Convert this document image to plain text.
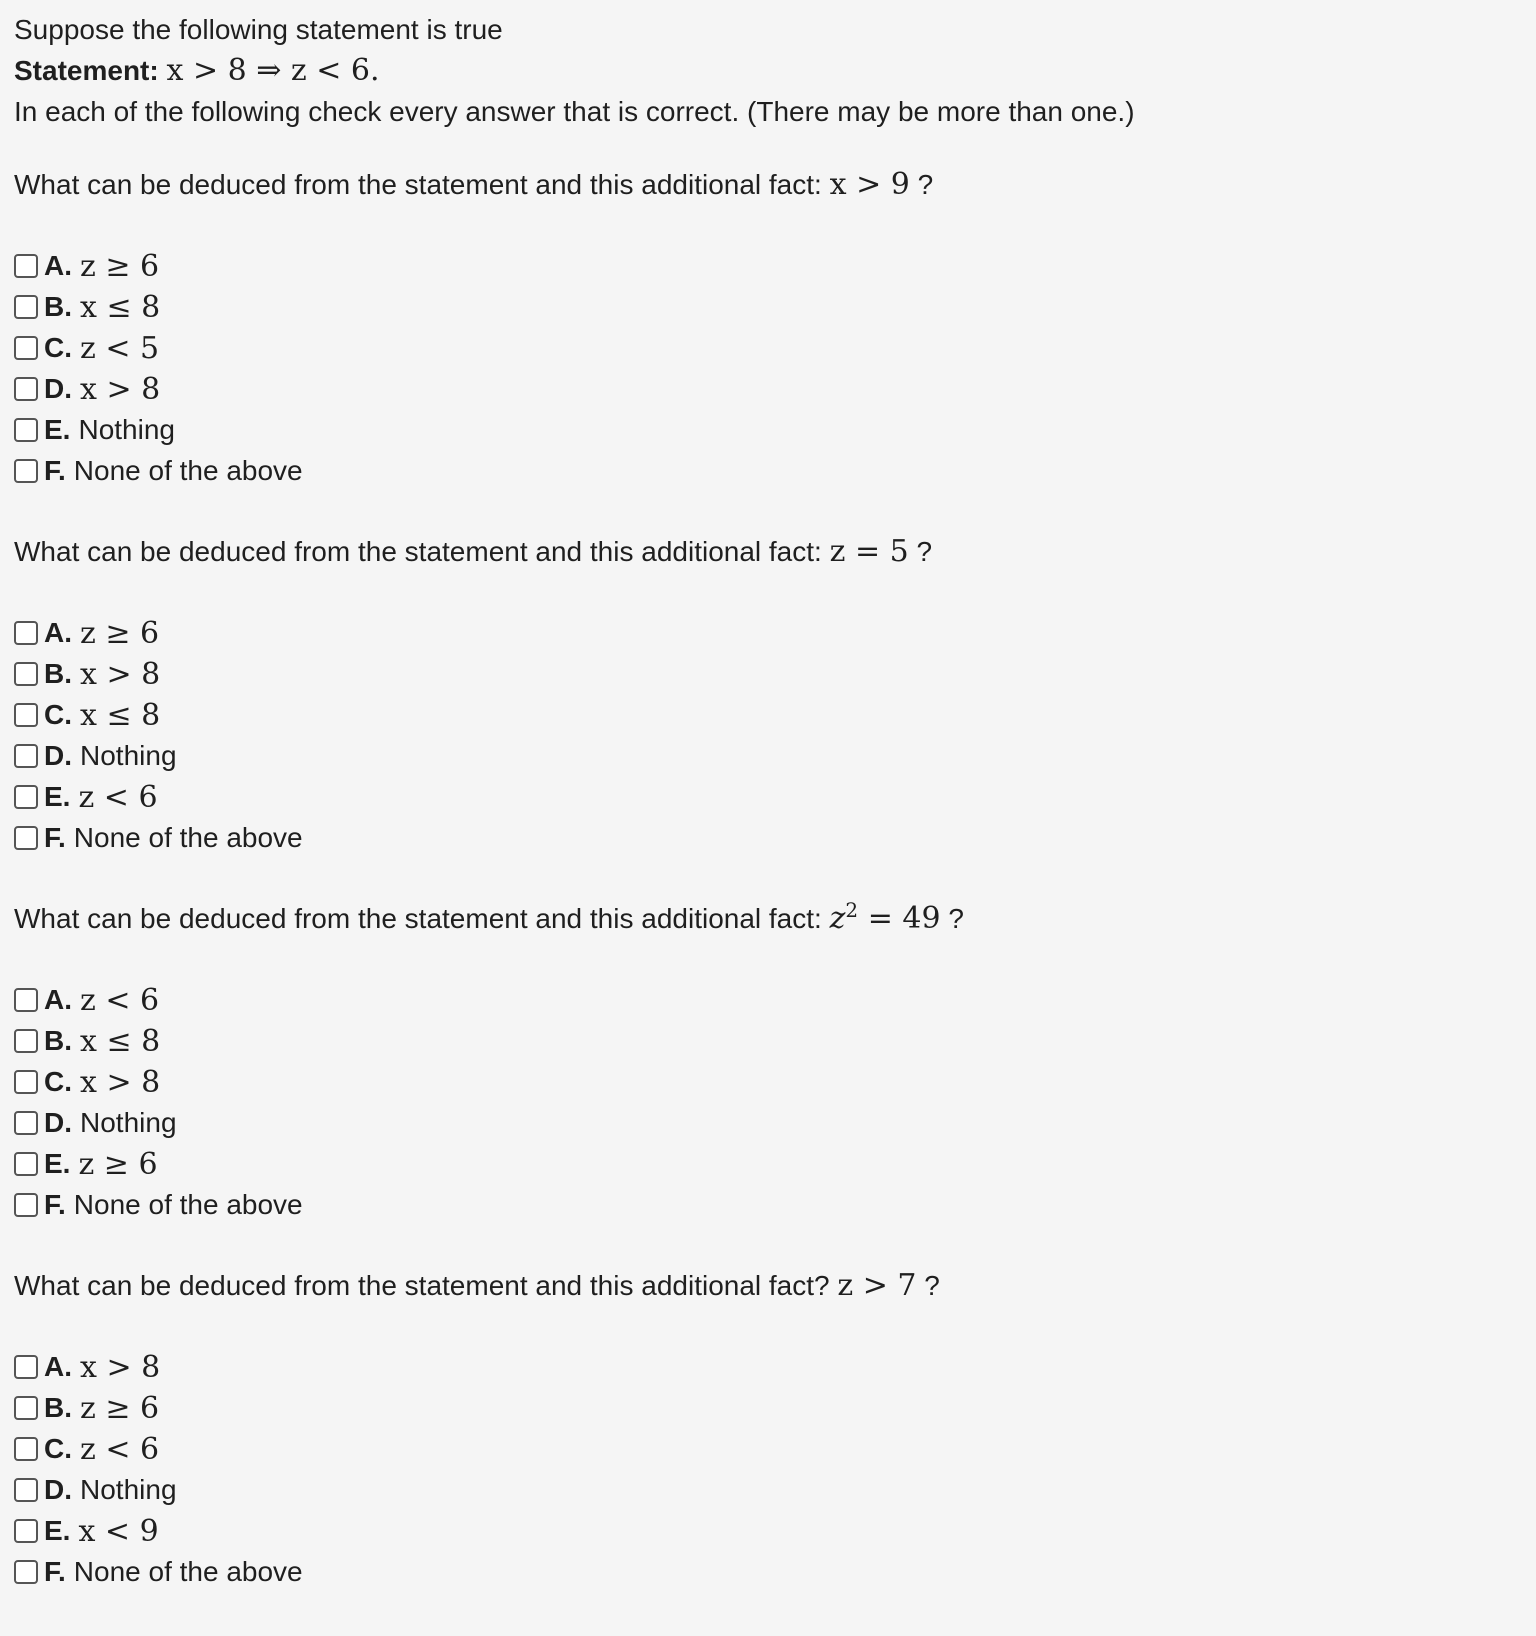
Suppose the following statement is true
Statement: x > 8 ⇒ z < 6.
In each of the following check every answer that is correct. (There may be more than one.)
What can be deduced from the statement and this additional fact: x > 9 ?
A. z ≥ 6
B. x ≤ 8
C. z < 5
D. x > 8
E. Nothing
F. None of the above
What can be deduced from the statement and this additional fact: z = 5 ?
A. z ≥ 6
B. x > 8
C. x ≤ 8
D. Nothing
E. z < 6
F. None of the above
What can be deduced from the statement and this additional fact: $z^2 = 49$ ?
A. z < 6
B. x ≤ 8
C. x > 8
D. Nothing
E. z ≥ 6
F. None of the above
What can be deduced from the statement and this additional fact? z > 7 ?
A. x > 8
B. z ≥ 6
C. z < 6
D. Nothing
E. x < 9
F. None of the above
